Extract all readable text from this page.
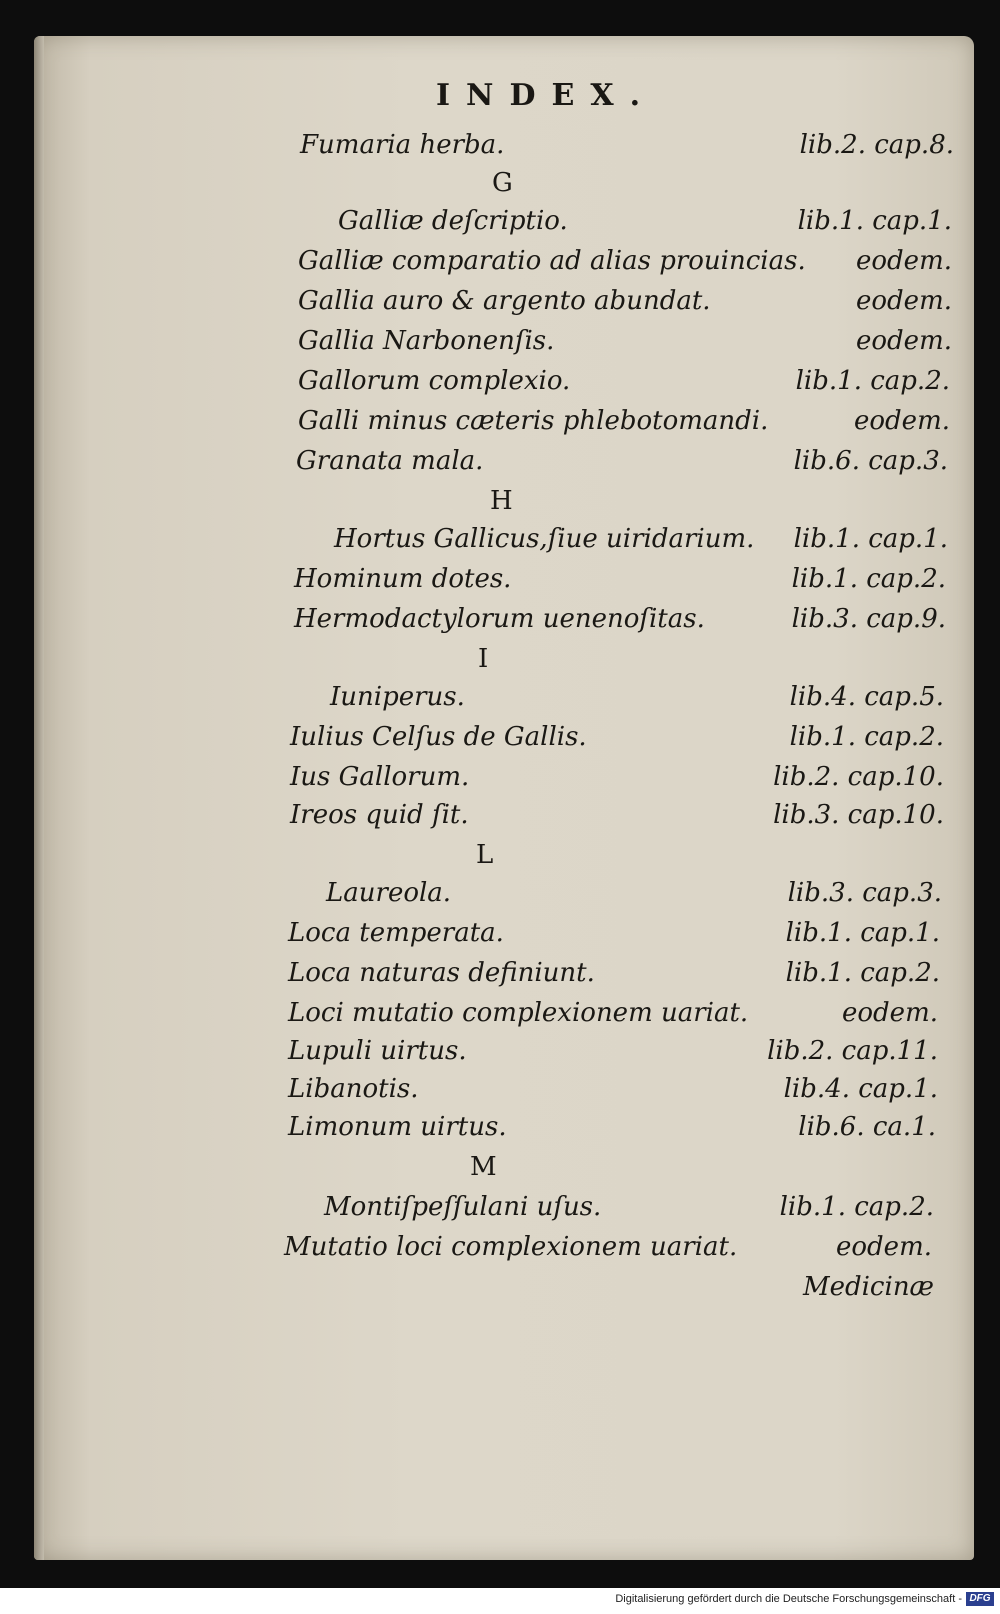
INDEX.
Fumaria herba.	lib.2. cap.8.
G
Galliæ deſcriptio.	lib.1. cap.1.
Galliæ comparatio ad alias prouincias. eodem.
Gallia auro & argento abundat.	eodem.
Gallia Narbonenſis.	eodem.
Gallorum complexio.	lib.1. cap.2.
Galli minus cæteris phlebotomandi.	eodem.
Granata mala.	lib.6. cap.3.
H
Hortus Gallicus,ſiue uiridarium. lib.1. cap.1.
Hominum dotes.	lib.1. cap.2.
Hermodactylorum uenenoſitas.	lib.3. cap.9.
I
Iuniperus.	lib.4. cap.5.
Iulius Celſus de Gallis.	lib.1. cap.2.
Ius Gallorum.	lib.2. cap.10.
Ireos quid ſit.	lib.3. cap.10.
L
Laureola.	lib.3. cap.3.
Loca temperata.	lib.1. cap.1.
Loca naturas definiunt.	lib.1. cap.2.
Loci mutatio complexionem uariat.	eodem.
Lupuli uirtus.	lib.2. cap.11.
Libanotis.	lib.4. cap.1.
Limonum uirtus.	lib.6. ca.1.
M
Montiſpeſſulani uſus.	lib.1. cap.2.
Mutatio loci complexionem uariat.	eodem.
Medicinæ
Digitalisierung gefördert durch die Deutsche Forschungsgemeinschaft - DFG
